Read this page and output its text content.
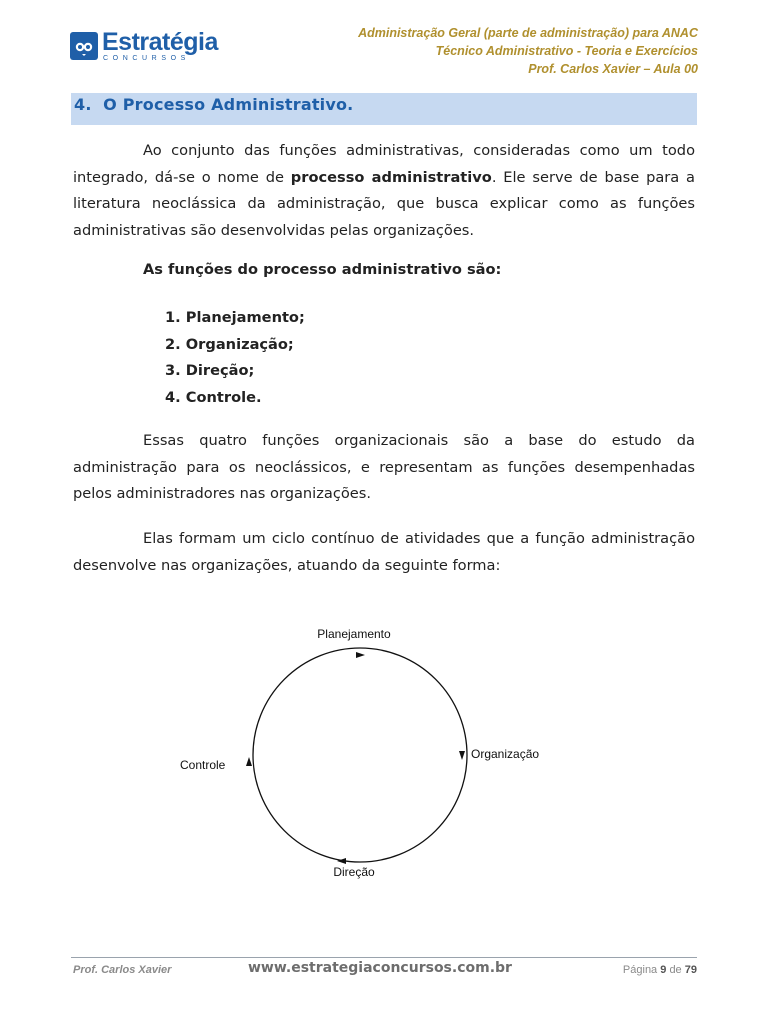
Estratégia
CONCURSOS
Administração Geral (parte de administração) para ANAC
Técnico Administrativo - Teoria e Exercícios
Prof. Carlos Xavier – Aula 00
4. O Processo Administrativo.
Ao conjunto das funções administrativas, consideradas como um todo integrado, dá-se o nome de processo administrativo. Ele serve de base para a literatura neoclássica da administração, que busca explicar como as funções administrativas são desenvolvidas pelas organizações.
As funções do processo administrativo são:
1. Planejamento;
2. Organização;
3. Direção;
4. Controle.
Essas quatro funções organizacionais são a base do estudo da administração para os neoclássicos, e representam as funções desempenhadas pelos administradores nas organizações.
Elas formam um ciclo contínuo de atividades que a função administração desenvolve nas organizações, atuando da seguinte forma:
Planejamento
Organização
Direção
Controle
Prof. Carlos Xavier	www.estrategiaconcursos.com.br	Página 9 de 79
